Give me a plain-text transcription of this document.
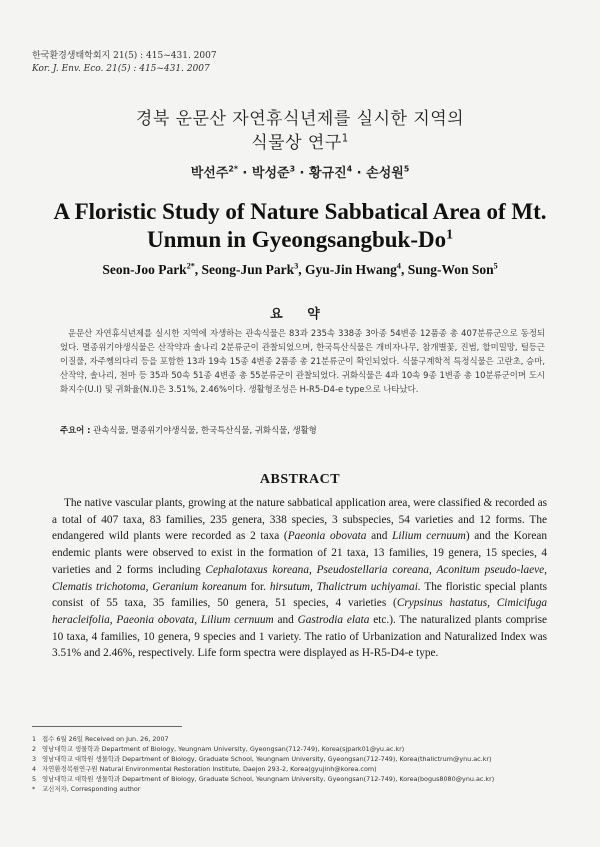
한국환경생태학회지 21(5) : 415~431. 2007
Kor. J. Env. Eco. 21(5) : 415~431. 2007
경북 운문산 자연휴식년제를 실시한 지역의
식물상 연구$^1$
박선주$^{2*}$ · 박성준$^3$ · 황규진$^4$ · 손성원$^5$
A Floristic Study of Nature Sabbatical Area of Mt.
Unmun in Gyeongsangbuk-Do$^1$
Seon-Joo Park$^{2*}$, Seong-Jun Park$^3$, Gyu-Jin Hwang$^4$, Sung-Won Son$^5$
요 약
운문산 자연휴식년제를 실시한 지역에 자생하는 관속식물은 83과 235속 338종 3아종 54변종 12품종 총 407분류군으로 동정되었다. 멸종위기야생식물은 산작약과 솔나리 2분류군이 관찰되었으며, 한국특산식물은 개비자나무, 참개별꽃, 진범, 할미밀망, 털등근이질풀, 자주쩽의다리 등을 포함한 13과 19속 15종 4변종 2품종 총 21분류군이 확인되었다. 식물구계학적 특정식물은 고란초, 승마, 산작약, 솔나리, 천마 등 35과 50속 51종 4변종 총 55분류군이 관찰되었다. 귀화식물은 4과 10속 9종 1변종 총 10분류군이며 도시화지수(U.I) 및 귀화율(N.I)은 3.51%, 2.46%이다. 생활형조성은 H-R5-D4-e type으로 나타났다.
주요어 : 관속식물, 멸종위기야생식물, 한국특산식물, 귀화식물, 생활형
ABSTRACT
The native vascular plants, growing at the nature sabbatical application area, were classified & recorded as a total of 407 taxa, 83 families, 235 genera, 338 species, 3 subspecies, 54 varieties and 12 forms. The endangered wild plants were recorded as 2 taxa (Paeonia obovata and Lilium cernuum) and the Korean endemic plants were observed to exist in the formation of 21 taxa, 13 families, 19 genera, 15 species, 4 varieties and 2 forms including Cephalotaxus koreana, Pseudostellaria coreana, Aconitum pseudo-laeve, Clematis trichotoma, Geranium koreanum for. hirsutum, Thalictrum uchiyamai. The floristic special plants consist of 55 taxa, 35 families, 50 genera, 51 species, 4 varieties (Crypsinus hastatus, Cimicifuga heracleifolia, Paeonia obovata, Lilium cernuum and Gastrodia elata etc.). The naturalized plants comprise 10 taxa, 4 families, 10 genera, 9 species and 1 variety. The ratio of Urbanization and Naturalized Index was 3.51% and 2.46%, respectively. Life form spectra were displayed as H-R5-D4-e type.

1 접수 6월 26일 Received on Jun. 26, 2007

2 영남대학교 생물학과 Department of Biology, Yeungnam University, Gyeongsan(712-749), Korea(sjpark01@yu.ac.kr)

3 영남대학교 대학원 생물학과 Department of Biology, Graduate School, Yeungnam University, Gyeongsan(712-749), Korea(thalictrum@ynu.ac.kr)

4 자연환경복원연구원 Natural Environmental Restoration Institute, Daejon 293-2, Korea(gyujinh@korea.com)

5 영남대학교 대학원 생물학과 Department of Biology, Graduate School, Yeungnam University, Gyeongsan(712-749), Korea(bogus8080@ynu.ac.kr)

* 교신저자, Corresponding author
